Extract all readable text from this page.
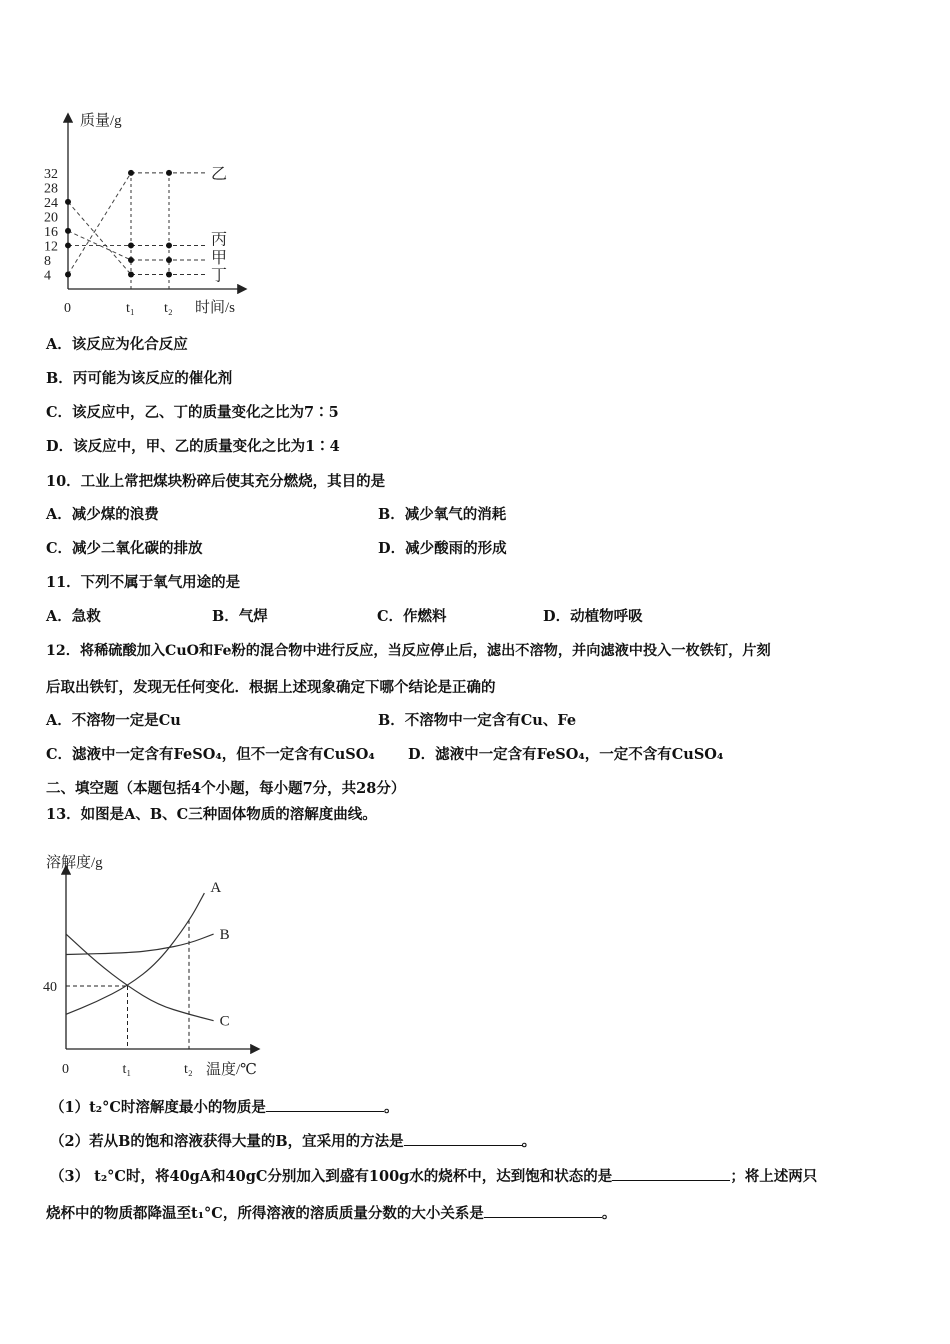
质量/g
时间/s
0
4
8
12
16
20
24
28
32
t₁ t₂
乙
丙
甲
丁
溶解度/g
温度/℃
0
40
t₁	t₂
A
B
C
A．该反应为化合反应
B．丙可能为该反应的催化剂
C．该反应中，乙、丁的质量变化之比为7∶5
D．该反应中，甲、乙的质量变化之比为1∶4
10．工业上常把煤块粉碎后使其充分燃烧，其目的是
A．减少煤的浪费	B．减少氧气的消耗
C．减少二氧化碳的排放	D．减少酸雨的形成
11．下列不属于氧气用途的是
A．急救	B．气焊	C．作燃料	D．动植物呼吸
12．将稀硫酸加入CuO和Fe粉的混合物中进行反应，当反应停止后，滤出不溶物，并向滤液中投入一枚铁钉，片刻
后取出铁钉，发现无任何变化．根据上述现象确定下哪个结论是正确的
A．不溶物一定是Cu	B．不溶物中一定含有Cu、Fe
C．滤液中一定含有FeSO₄，但不一定含有CuSO₄ D．滤液中一定含有FeSO₄，一定不含有CuSO₄
二、填空题（本题包括4个小题，每小题7分，共28分）
13．如图是A、B、C三种固体物质的溶解度曲线。
（1）t₂°C时溶解度最小的物质是	。
（2）若从B的饱和溶液获得大量的B，宜采用的方法是	。
（3） t₂°C时，将40gA和40gC分别加入到盛有100g水的烧杯中，达到饱和状态的是	；将上述两只
烧杯中的物质都降温至t₁°C，所得溶液的溶质质量分数的大小关系是	。
